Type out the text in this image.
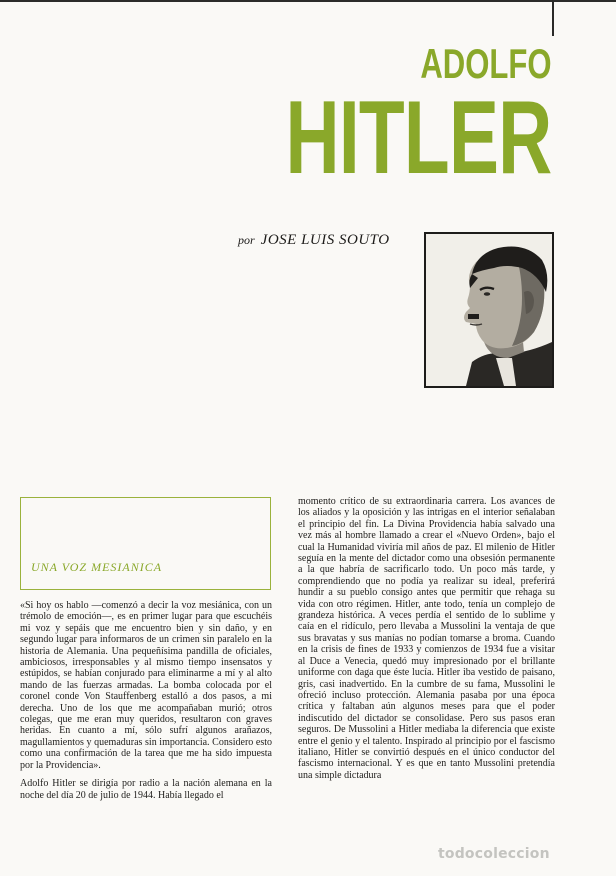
ADOLFO
HITLER
por JOSE LUIS SOUTO
UNA VOZ MESIANICA

«Si hoy os hablo —comenzó a decir la voz mesiánica, con un trémolo de emoción—, es en primer lugar para que escuchéis mi voz y sepáis que me encuentro bien y sin daño, y en segundo lugar para informaros de un crimen sin paralelo en la historia de Alemania. Una pequeñísima pandilla de oficiales, ambiciosos, irresponsables y al mismo tiempo insensatos y estúpidos, se habían conjurado para eliminarme a mí y al alto mando de las fuerzas armadas. La bomba colocada por el coronel conde Von Stauffenberg estalló a dos pasos, a mi derecha. Uno de los que me acompañaban murió; otros colegas, que me eran muy queridos, resultaron con graves heridas. En cuanto a mí, sólo sufrí algunos arañazos, magullamientos y quemaduras sin importancia. Considero esto como una confirmación de la tarea que me ha sido impuesta por la Providencia».

Adolfo Hitler se dirigía por radio a la nación alemana en la noche del día 20 de julio de 1944. Había llegado el

momento crítico de su extraordinaria carrera. Los avances de los aliados y la oposición y las intrigas en el interior señalaban el principio del fin. La Divina Providencia había salvado una vez más al hombre llamado a crear el «Nuevo Orden», bajo el cual la Humanidad viviría mil años de paz. El milenio de Hitler seguía en la mente del dictador como una obsesión permanente a la que habría de sacrificarlo todo. Un poco más tarde, y comprendiendo que no podía ya realizar su ideal, preferirá hundir a su pueblo consigo antes que permitir que rehaga su vida con otro régimen. Hitler, ante todo, tenía un complejo de grandeza histórica. A veces perdía el sentido de lo sublime y caía en el ridículo, pero llevaba a Mussolini la ventaja de que sus bravatas y sus manías no podían tomarse a broma. Cuando en la crisis de fines de 1933 y comienzos de 1934 fue a visitar al Duce a Venecia, quedó muy impresionado por el brillante uniforme con daga que éste lucía. Hitler iba vestido de paisano, gris, casi inadvertido. En la cumbre de su fama, Mussolini le ofreció incluso protección. Alemania pasaba por una época crítica y faltaban aún algunos meses para que el poder indiscutido del dictador se consolidase. Pero sus pasos eran seguros. De Mussolini a Hitler mediaba la diferencia que existe entre el genio y el talento. Inspirado al principio por el fascismo italiano, Hitler se convirtió después en el único conductor del fascismo internacional. Y es que en tanto Mussolini pretendía una simple dictadura

todocoleccion
